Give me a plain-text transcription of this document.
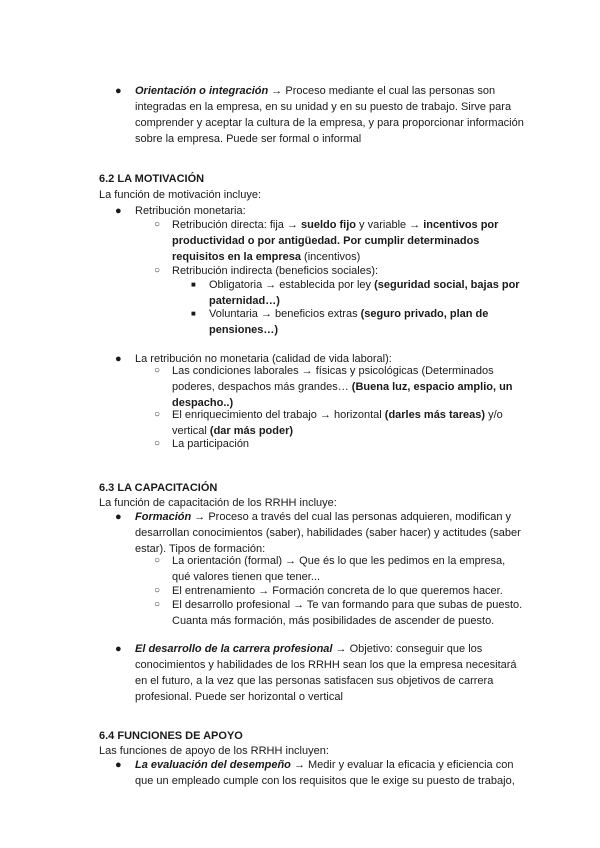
● Orientación o integración → Proceso mediante el cual las personas son integradas en la empresa, en su unidad y en su puesto de trabajo. Sirve para comprender y aceptar la cultura de la empresa, y para proporcionar información sobre la empresa. Puede ser formal o informal
6.2 LA MOTIVACIÓN
La función de motivación incluye:
● Retribución monetaria:
○ Retribución directa: fija → sueldo fijo y variable → incentivos por productividad o por antigüedad. Por cumplir determinados requisitos en la empresa (incentivos)
○ Retribución indirecta (beneficios sociales):
■ Obligatoria → establecida por ley (seguridad social, bajas por paternidad…)
■ Voluntaria → beneficios extras (seguro privado, plan de pensiones…)
● La retribución no monetaria (calidad de vida laboral):
○ Las condiciones laborales → físicas y psicológicas (Determinados poderes, despachos más grandes… (Buena luz, espacio amplio, un despacho..)
○ El enriquecimiento del trabajo → horizontal (darles más tareas) y/o vertical (dar más poder)
○ La participación
6.3 LA CAPACITACIÓN
La función de capacitación de los RRHH incluye:
● Formación → Proceso a través del cual las personas adquieren, modifican y desarrollan conocimientos (saber), habilidades (saber hacer) y actitudes (saber estar). Tipos de formación:
○ La orientación (formal) → Que és lo que les pedimos en la empresa, qué valores tienen que tener...
○ El entrenamiento → Formación concreta de lo que queremos hacer.
○ El desarrollo profesional → Te van formando para que subas de puesto. Cuanta más formación, más posibilidades de ascender de puesto.
● El desarrollo de la carrera profesional → Objetivo: conseguir que los conocimientos y habilidades de los RRHH sean los que la empresa necesitará en el futuro, a la vez que las personas satisfacen sus objetivos de carrera profesional. Puede ser horizontal o vertical
6.4 FUNCIONES DE APOYO
Las funciones de apoyo de los RRHH incluyen:
● La evaluación del desempeño → Medir y evaluar la eficacia y eficiencia con que un empleado cumple con los requisitos que le exige su puesto de trabajo,
